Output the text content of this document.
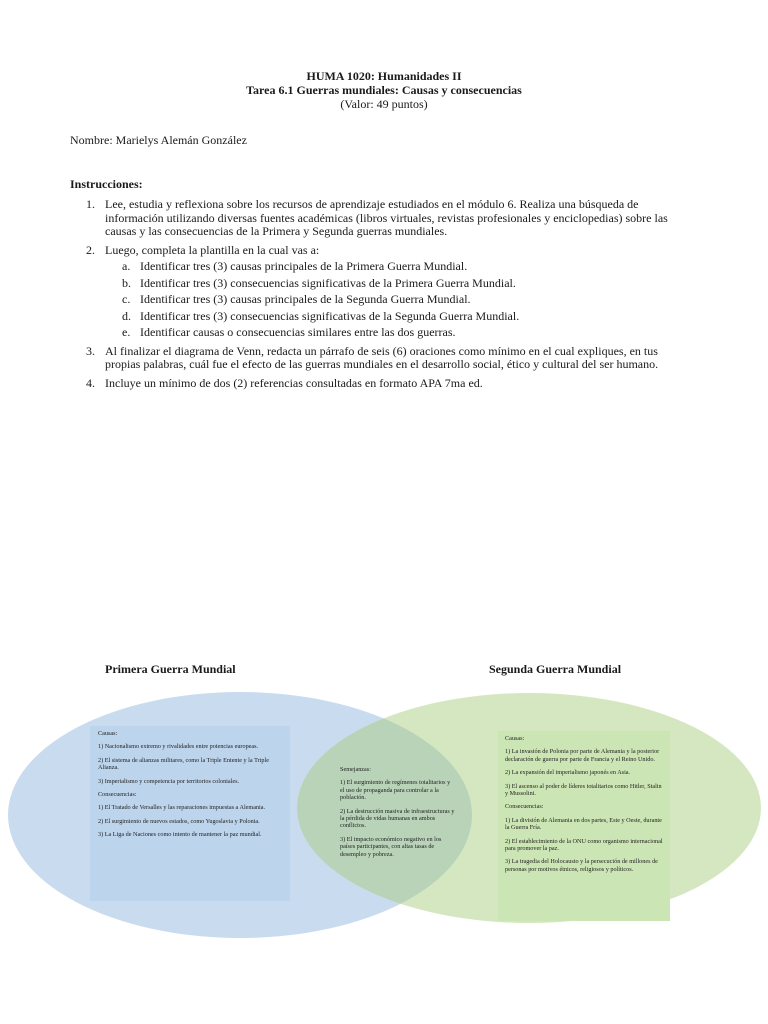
HUMA 1020: Humanidades II
Tarea 6.1 Guerras mundiales: Causas y consecuencias
(Valor: 49 puntos)
Nombre: Marielys Alemán González
Instrucciones:
1. Lee, estudia y reflexiona sobre los recursos de aprendizaje estudiados en el módulo 6. Realiza una búsqueda de información utilizando diversas fuentes académicas (libros virtuales, revistas profesionales y enciclopedias) sobre las causas y las consecuencias de la Primera y Segunda guerras mundiales.
2. Luego, completa la plantilla en la cual vas a:
a. Identificar tres (3) causas principales de la Primera Guerra Mundial.
b. Identificar tres (3) consecuencias significativas de la Primera Guerra Mundial.
c. Identificar tres (3) causas principales de la Segunda Guerra Mundial.
d. Identificar tres (3) consecuencias significativas de la Segunda Guerra Mundial.
e. Identificar causas o consecuencias similares entre las dos guerras.
3. Al finalizar el diagrama de Venn, redacta un párrafo de seis (6) oraciones como mínimo en el cual expliques, en tus propias palabras, cuál fue el efecto de las guerras mundiales en el desarrollo social, ético y cultural del ser humano.
4. Incluye un mínimo de dos (2) referencias consultadas en formato APA 7ma ed.
Primera Guerra Mundial	Segunda Guerra Mundial

Causas:

1) Nacionalismo extremo y rivalidades entre potencias europeas.

2) El sistema de alianzas militares, como la Triple Entente y la Triple Alianza.

3) Imperialismo y competencia por territorios coloniales.

Consecuencias:

1) El Tratado de Versalles y las reparaciones impuestas a Alemania.

2) El surgimiento de nuevos estados, como Yugoslavia y Polonia.

3) La Liga de Naciones como intento de mantener la paz mundial.

Semejanzas:

1) El surgimiento de regímenes totalitarios y el uso de propaganda para controlar a la población.

2) La destrucción masiva de infraestructuras y la pérdida de vidas humanas en ambos conflictos.

3) El impacto económico negativo en los países participantes, con altas tasas de desempleo y pobreza.

Causas:

1) La invasión de Polonia por parte de Alemania y la posterior declaración de guerra por parte de Francia y el Reino Unido.

2) La expansión del imperialismo japonés en Asia.

3) El ascenso al poder de líderes totalitarios como Hitler, Stalin y Mussolini.

Consecuencias:

1) La división de Alemania en dos partes, Este y Oeste, durante la Guerra Fría.

2) El establecimiento de la ONU como organismo internacional para promover la paz.

3) La tragedia del Holocausto y la persecución de millones de personas por motivos étnicos, religiosos y políticos.
